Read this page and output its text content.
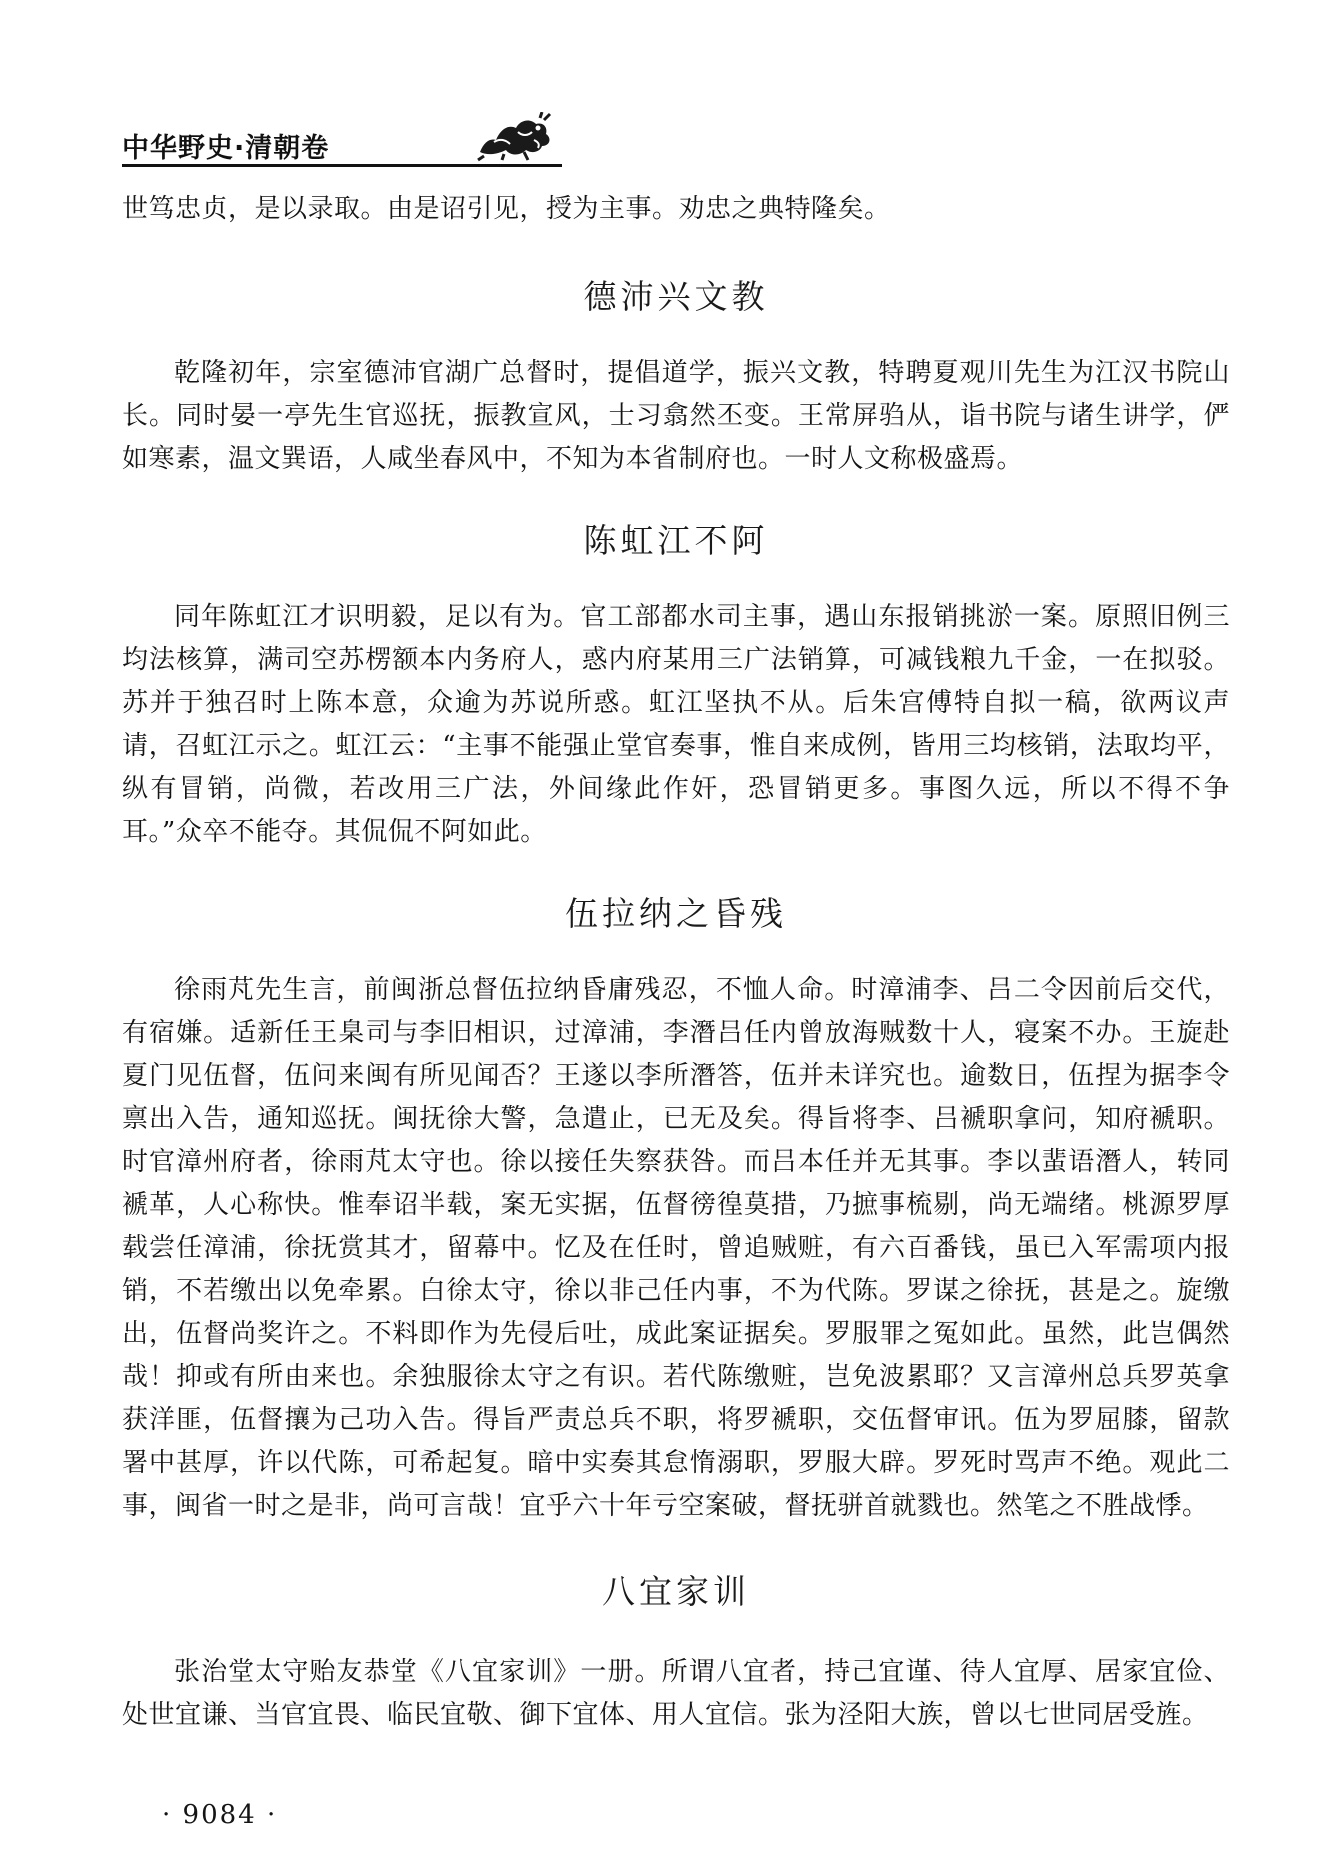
中华野史·清朝卷

世笃忠贞，是以录取。由是诏引见，授为主事。劝忠之典特隆矣。

德沛兴文教

乾隆初年，宗室德沛官湖广总督时，提倡道学，振兴文教，特聘夏观川先生为江汉书院山长。同时晏一亭先生官巡抚，振教宣风，士习翕然丕变。王常屏驺从，诣书院与诸生讲学，俨如寒素，温文巽语，人咸坐春风中，不知为本省制府也。一时人文称极盛焉。

陈虹江不阿

同年陈虹江才识明毅，足以有为。官工部都水司主事，遇山东报销挑淤一案。原照旧例三均法核算，满司空苏楞额本内务府人，惑内府某用三广法销算，可减钱粮九千金，一在拟驳。苏并于独召时上陈本意，众逾为苏说所惑。虹江坚执不从。后朱宫傅特自拟一稿，欲两议声请，召虹江示之。虹江云：“主事不能强止堂官奏事，惟自来成例，皆用三均核销，法取均平，纵有冒销，尚微，若改用三广法，外间缘此作奸，恐冒销更多。事图久远，所以不得不争耳。”众卒不能夺。其侃侃不阿如此。

伍拉纳之昏残

徐雨芃先生言，前闽浙总督伍拉纳昏庸残忍，不恤人命。时漳浦李、吕二令因前后交代，有宿嫌。适新任王臬司与李旧相识，过漳浦，李潛吕任内曾放海贼数十人，寝案不办。王旋赴夏门见伍督，伍问来闽有所见闻否？王遂以李所潛答，伍并未详究也。逾数日，伍捏为据李令禀出入告，通知巡抚。闽抚徐大警，急遣止，已无及矣。得旨将李、吕褫职拿问，知府褫职。时官漳州府者，徐雨芃太守也。徐以接任失察获咎。而吕本任并无其事。李以蜚语潛人，转同褫革，人心称快。惟奉诏半载，案无实据，伍督徬徨莫措，乃摭事梳剔，尚无端绪。桃源罗厚载尝任漳浦，徐抚赏其才，留幕中。忆及在任时，曾追贼赃，有六百番钱，虽已入军需项内报销，不若缴出以免牵累。白徐太守，徐以非己任内事，不为代陈。罗谋之徐抚，甚是之。旋缴出，伍督尚奖许之。不料即作为先侵后吐，成此案证据矣。罗服罪之冤如此。虽然，此岂偶然哉！抑或有所由来也。余独服徐太守之有识。若代陈缴赃，岂免波累耶？又言漳州总兵罗英拿获洋匪，伍督攘为己功入告。得旨严责总兵不职，将罗褫职，交伍督审讯。伍为罗屈膝，留款署中甚厚，许以代陈，可希起复。暗中实奏其怠惰溺职，罗服大辟。罗死时骂声不绝。观此二事，闽省一时之是非，尚可言哉！宜乎六十年亏空案破，督抚骈首就戮也。然笔之不胜战悸。

八宜家训

张治堂太守贻友恭堂《八宜家训》一册。所谓八宜者，持己宜谨、待人宜厚、居家宜俭、处世宜谦、当官宜畏、临民宜敬、御下宜体、用人宜信。张为泾阳大族，曾以七世同居受旌。

· 9084 ·
